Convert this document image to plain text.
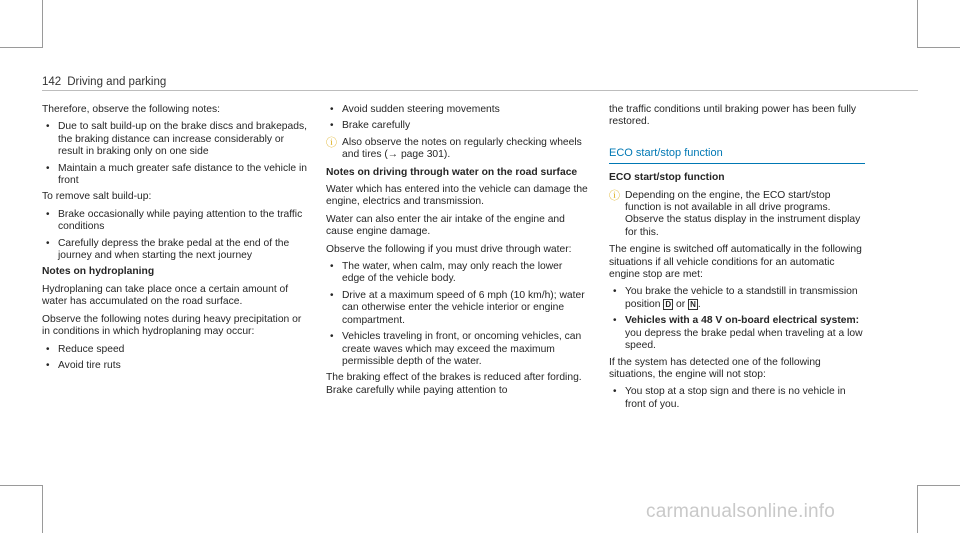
142 Driving and parking

Therefore, observe the following notes:

• Due to salt build-up on the brake discs and brakepads, the braking distance can increase considerably or result in braking only on one side
• Maintain a much greater safe distance to the vehicle in front

To remove salt build-up:

• Brake occasionally while paying attention to the traffic conditions
• Carefully depress the brake pedal at the end of the journey and when starting the next journey

Notes on hydroplaning

Hydroplaning can take place once a certain amount of water has accumulated on the road surface.

Observe the following notes during heavy precipitation or in conditions in which hydroplaning may occur:

• Reduce speed
• Avoid tire ruts
• Avoid sudden steering movements
• Brake carefully
ⓘ Also observe the notes on regularly checking wheels and tires (→ page 301).

Notes on driving through water on the road surface

Water which has entered into the vehicle can damage the engine, electrics and transmission.

Water can also enter the air intake of the engine and cause engine damage.

Observe the following if you must drive through water:

• The water, when calm, may only reach the lower edge of the vehicle body.
• Drive at a maximum speed of 6 mph (10 km/h); water can otherwise enter the vehicle interior or engine compartment.
• Vehicles traveling in front, or oncoming vehicles, can create waves which may exceed the maximum permissible depth of the water.

The braking effect of the brakes is reduced after fording. Brake carefully while paying attention to

the traffic conditions until braking power has been fully restored.

ECO start/stop function

ECO start/stop function

ⓘ Depending on the engine, the ECO start/stop function is not available in all drive programs. Observe the status display in the instrument display for this.

The engine is switched off automatically in the following situations if all vehicle conditions for an automatic engine stop are met:

• You brake the vehicle to a standstill in transmission position D or N .
• Vehicles with a 48 V on-board electrical system: you depress the brake pedal when traveling at a low speed.

If the system has detected one of the following situations, the engine will not stop:

• You stop at a stop sign and there is no vehicle in front of you.
carmanualsonline.info
